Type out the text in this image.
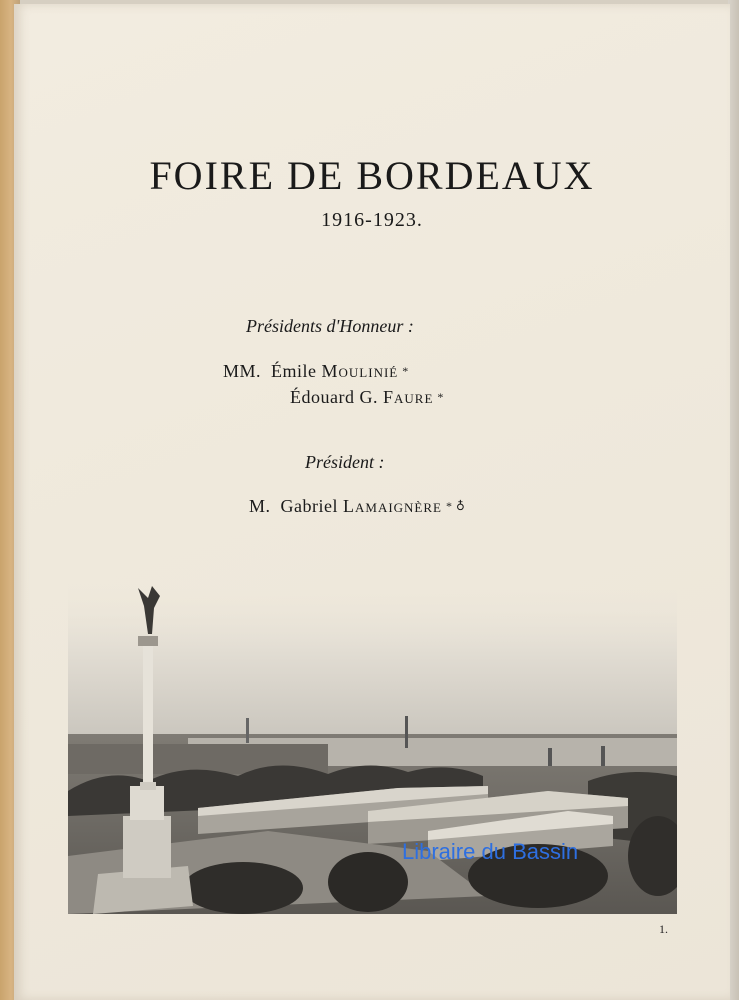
FOIRE DE BORDEAUX
1916-1923.
Présidents d'Honneur :
MM. Émile Moulinié *
Édouard G. Faure *
Président :
M. Gabriel Lamaignère * ♁
1.
Libraire du Bassin
